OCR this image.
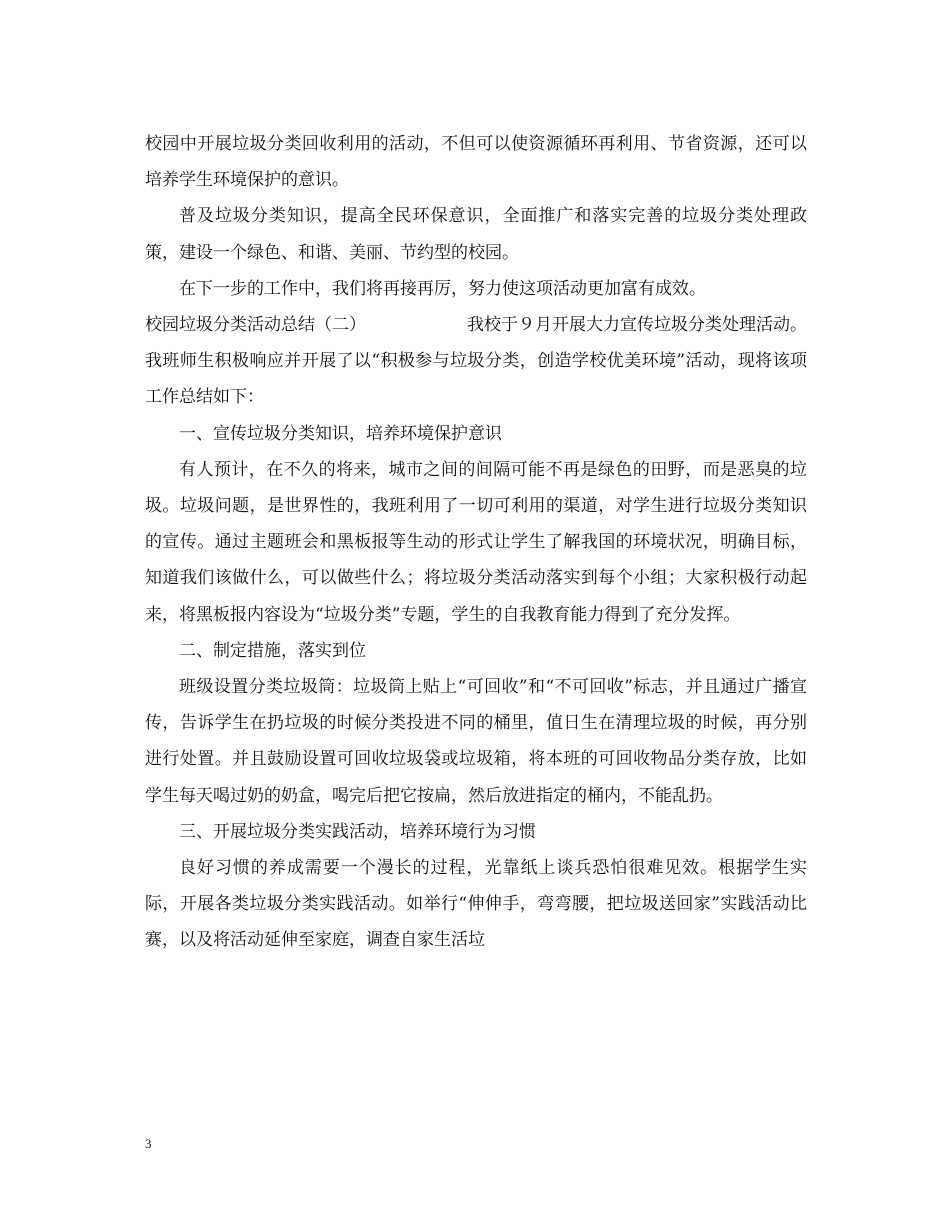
校园中开展垃圾分类回收利用的活动，不但可以使资源循环再利用、节省资源，还可以培养学生环境保护的意识。

普及垃圾分类知识，提高全民环保意识，全面推广和落实完善的垃圾分类处理政策，建设一个绿色、和谐、美丽、节约型的校园。

在下一步的工作中，我们将再接再厉，努力使这项活动更加富有成效。

校园垃圾分类活动总结（二）	我校于９月开展大力宣传垃圾分类处理活动。

我班师生积极响应并开展了以“积极参与垃圾分类，创造学校优美环境”活动，现将该项工作总结如下：

一、宣传垃圾分类知识，培养环境保护意识

有人预计，在不久的将来，城市之间的间隔可能不再是绿色的田野，而是恶臭的垃圾。垃圾问题，是世界性的，我班利用了一切可利用的渠道，对学生进行垃圾分类知识的宣传。通过主题班会和黑板报等生动的形式让学生了解我国的环境状况，明确目标，知道我们该做什么，可以做些什么；将垃圾分类活动落实到每个小组；大家积极行动起来，将黑板报内容设为“垃圾分类”专题，学生的自我教育能力得到了充分发挥。

二、制定措施，落实到位

班级设置分类垃圾筒：垃圾筒上贴上“可回收”和“不可回收”标志，并且通过广播宣传，告诉学生在扔垃圾的时候分类投进不同的桶里，值日生在清理垃圾的时候，再分别进行处置。并且鼓励设置可回收垃圾袋或垃圾箱，将本班的可回收物品分类存放，比如学生每天喝过奶的奶盒，喝完后把它按扁，然后放进指定的桶内，不能乱扔。

三、开展垃圾分类实践活动，培养环境行为习惯

良好习惯的养成需要一个漫长的过程，光靠纸上谈兵恐怕很难见效。根据学生实际，开展各类垃圾分类实践活动。如举行“伸伸手，弯弯腰，把垃圾送回家”实践活动比赛，以及将活动延伸至家庭，调查自家生活垃

3
